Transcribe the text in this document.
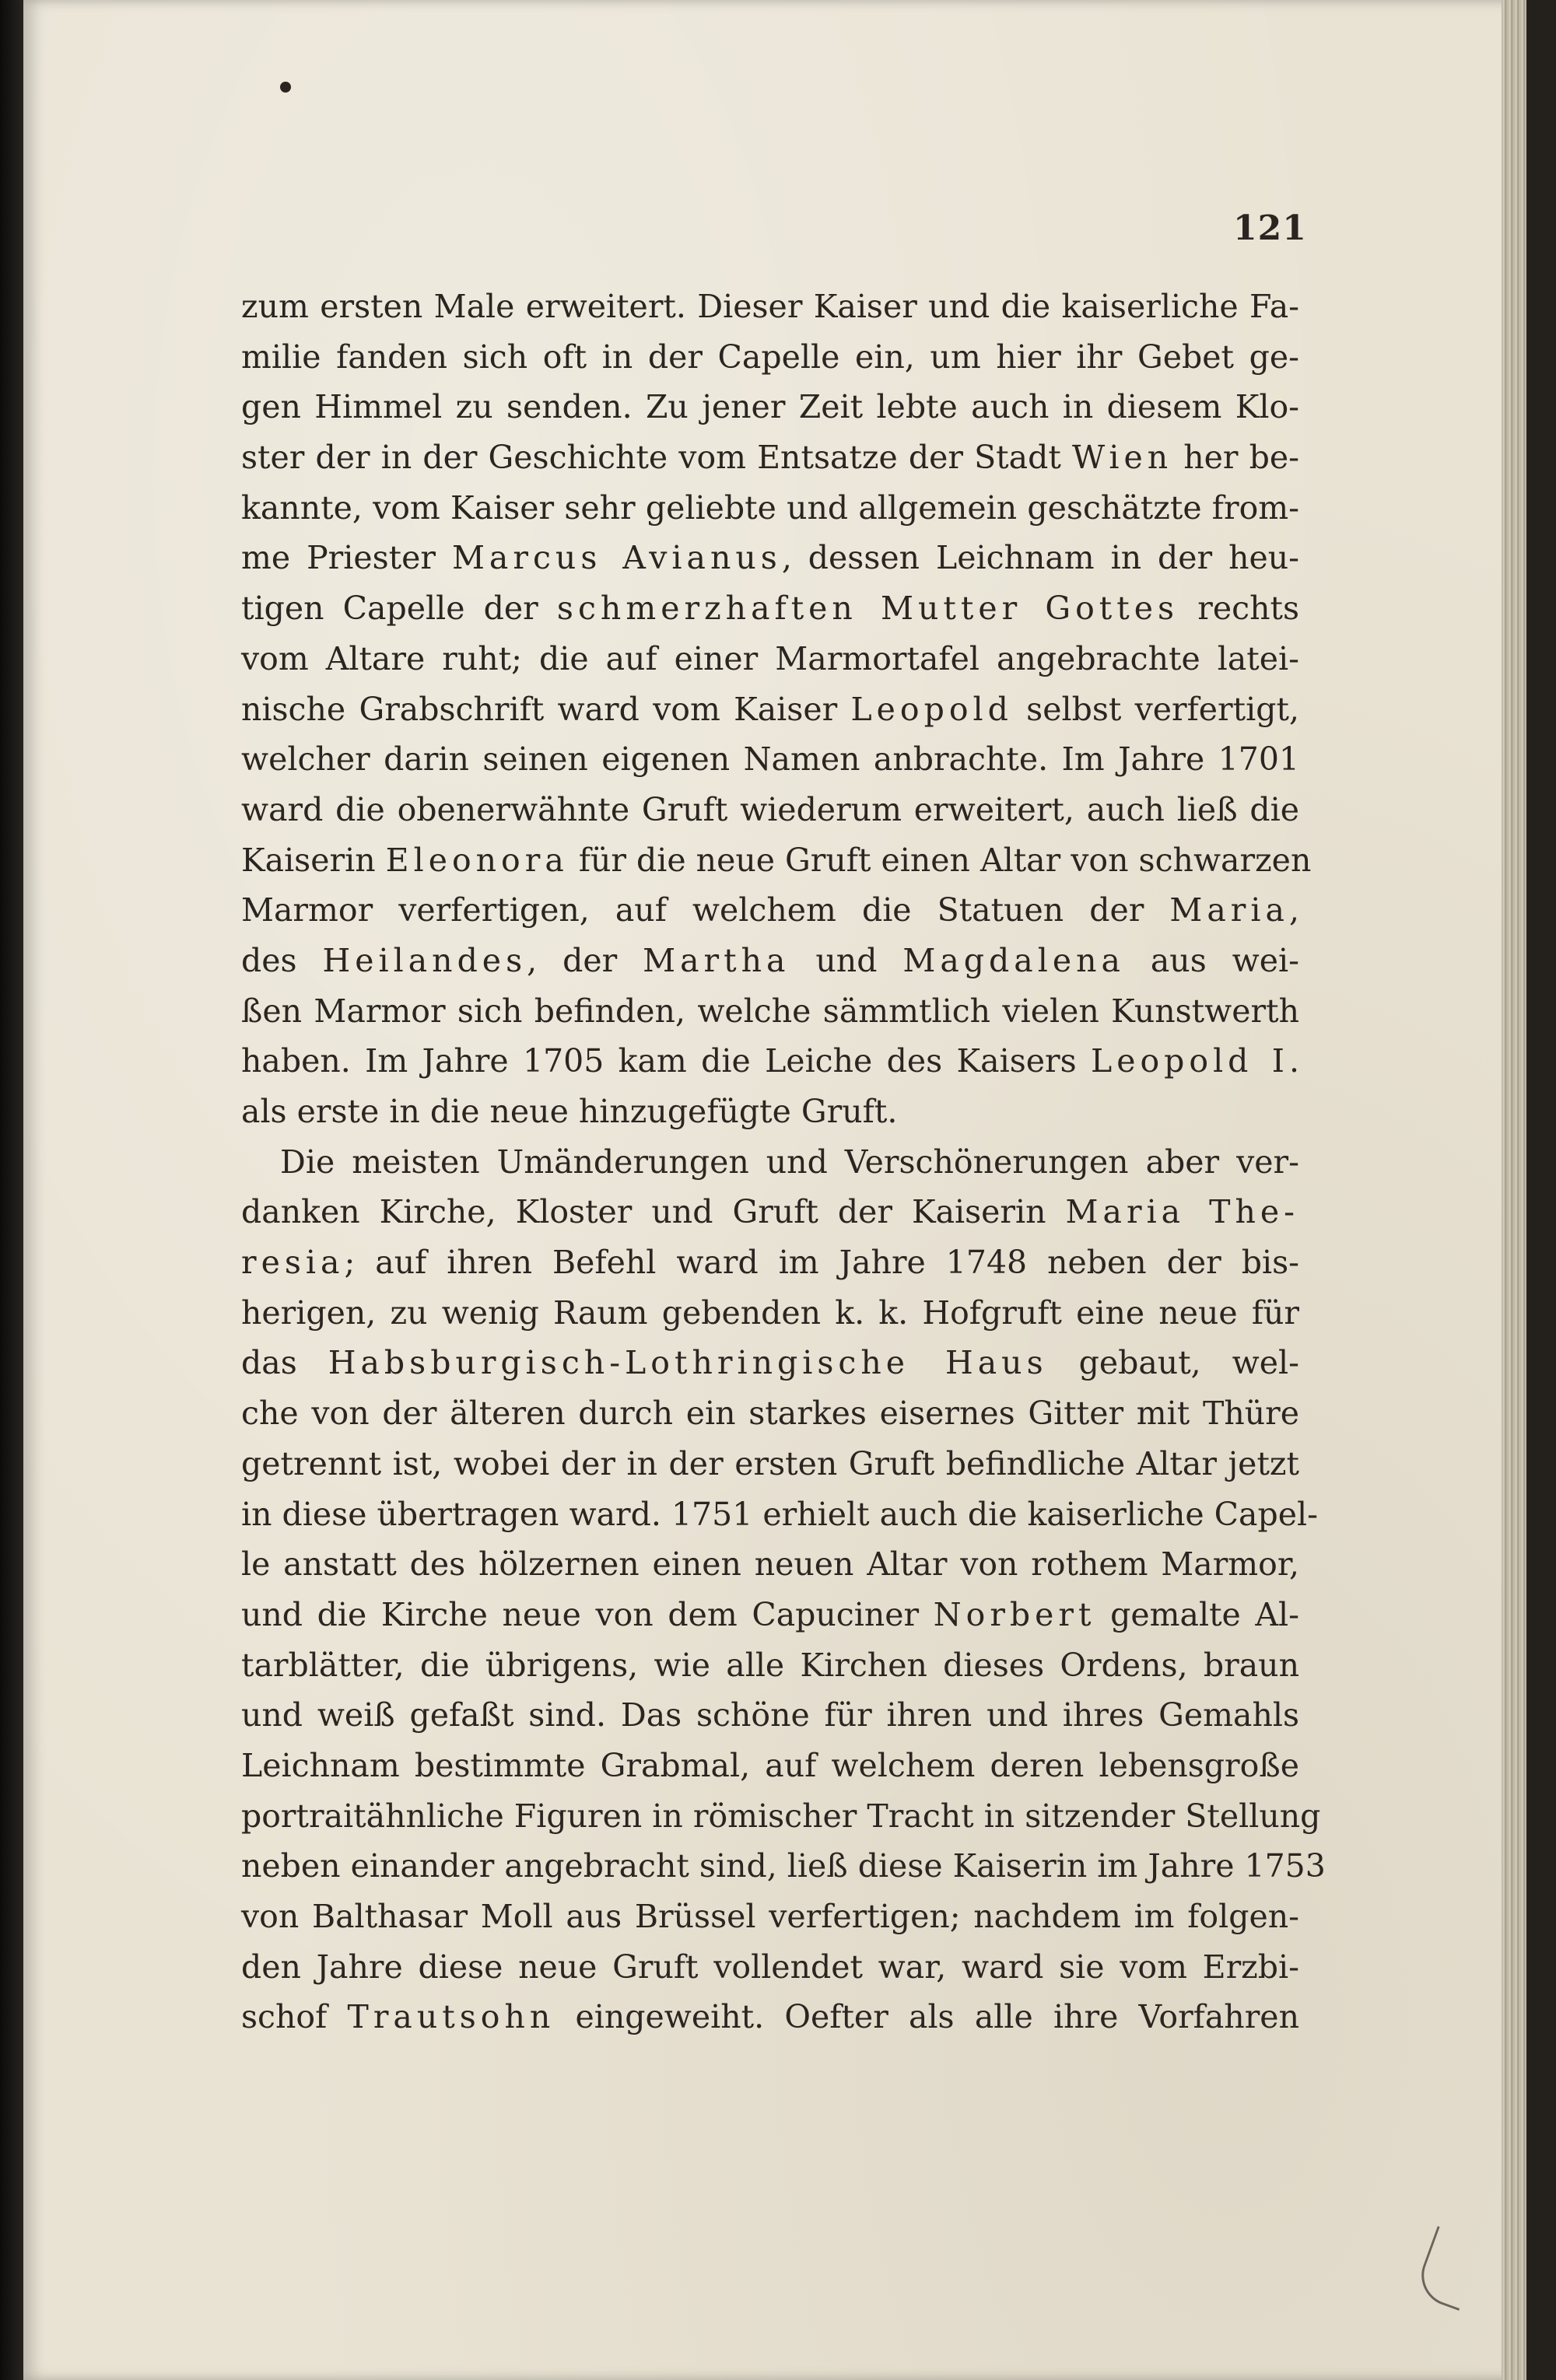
121
zum ersten Male erweitert. Dieser Kaiser und die kaiserliche Fa-
milie fanden sich oft in der Capelle ein, um hier ihr Gebet ge-
gen Himmel zu senden. Zu jener Zeit lebte auch in diesem Klo-
ster der in der Geschichte vom Entsatze der Stadt Wien her be-
kannte, vom Kaiser sehr geliebte und allgemein geschätzte from-
me Priester Marcus Avianus, dessen Leichnam in der heu-
tigen Capelle der schmerzhaften Mutter Gottes rechts
vom Altare ruht; die auf einer Marmortafel angebrachte latei-
nische Grabschrift ward vom Kaiser Leopold selbst verfertigt,
welcher darin seinen eigenen Namen anbrachte. Im Jahre 1701
ward die obenerwähnte Gruft wiederum erweitert, auch ließ die
Kaiserin Eleonora für die neue Gruft einen Altar von schwarzen
Marmor verfertigen, auf welchem die Statuen der Maria,
des Heilandes, der Martha und Magdalena aus wei-
ßen Marmor sich befinden, welche sämmtlich vielen Kunstwerth
haben. Im Jahre 1705 kam die Leiche des Kaisers Leopold I.
als erste in die neue hinzugefügte Gruft.
Die meisten Umänderungen und Verschönerungen aber ver-
danken Kirche, Kloster und Gruft der Kaiserin Maria The-
resia; auf ihren Befehl ward im Jahre 1748 neben der bis-
herigen, zu wenig Raum gebenden k. k. Hofgruft eine neue für
das Habsburgisch-Lothringische Haus gebaut, wel-
che von der älteren durch ein starkes eisernes Gitter mit Thüre
getrennt ist, wobei der in der ersten Gruft befindliche Altar jetzt
in diese übertragen ward. 1751 erhielt auch die kaiserliche Capel-
le anstatt des hölzernen einen neuen Altar von rothem Marmor,
und die Kirche neue von dem Capuciner Norbert gemalte Al-
tarblätter, die übrigens, wie alle Kirchen dieses Ordens, braun
und weiß gefaßt sind. Das schöne für ihren und ihres Gemahls
Leichnam bestimmte Grabmal, auf welchem deren lebensgroße
portraitähnliche Figuren in römischer Tracht in sitzender Stellung
neben einander angebracht sind, ließ diese Kaiserin im Jahre 1753
von Balthasar Moll aus Brüssel verfertigen; nachdem im folgen-
den Jahre diese neue Gruft vollendet war, ward sie vom Erzbi-
schof Trautsohn eingeweiht. Oefter als alle ihre Vorfahren
